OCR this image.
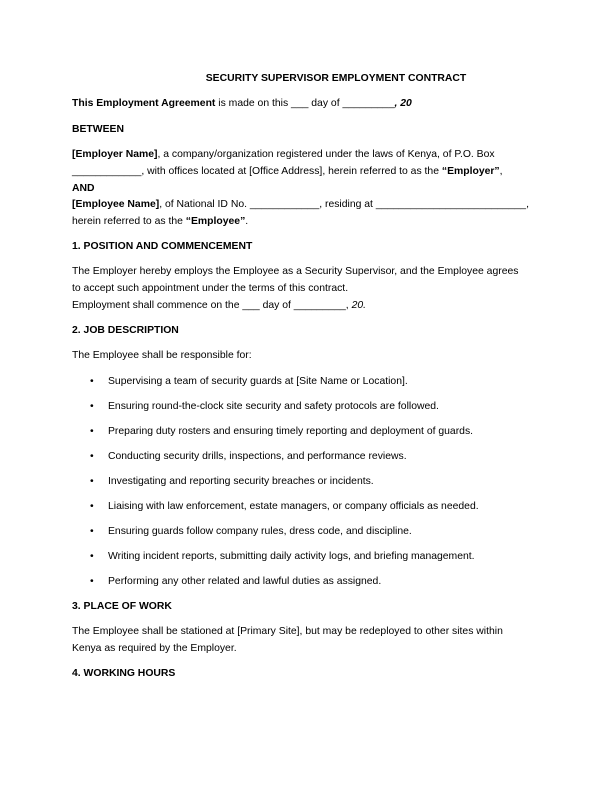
SECURITY SUPERVISOR EMPLOYMENT CONTRACT
This Employment Agreement is made on this ___ day of _________, 20
BETWEEN
[Employer Name], a company/organization registered under the laws of Kenya, of P.O. Box
____________, with offices located at [Office Address], herein referred to as the “Employer”,
AND
[Employee Name], of National ID No. ____________, residing at __________________________,
herein referred to as the “Employee”.
1. POSITION AND COMMENCEMENT
The Employer hereby employs the Employee as a Security Supervisor, and the Employee agrees
to accept such appointment under the terms of this contract.
Employment shall commence on the ___ day of _________, 20.
2. JOB DESCRIPTION
The Employee shall be responsible for:
• Supervising a team of security guards at [Site Name or Location].
• Ensuring round-the-clock site security and safety protocols are followed.
• Preparing duty rosters and ensuring timely reporting and deployment of guards.
• Conducting security drills, inspections, and performance reviews.
• Investigating and reporting security breaches or incidents.
• Liaising with law enforcement, estate managers, or company officials as needed.
• Ensuring guards follow company rules, dress code, and discipline.
• Writing incident reports, submitting daily activity logs, and briefing management.
• Performing any other related and lawful duties as assigned.
3. PLACE OF WORK
The Employee shall be stationed at [Primary Site], but may be redeployed to other sites within
Kenya as required by the Employer.
4. WORKING HOURS
